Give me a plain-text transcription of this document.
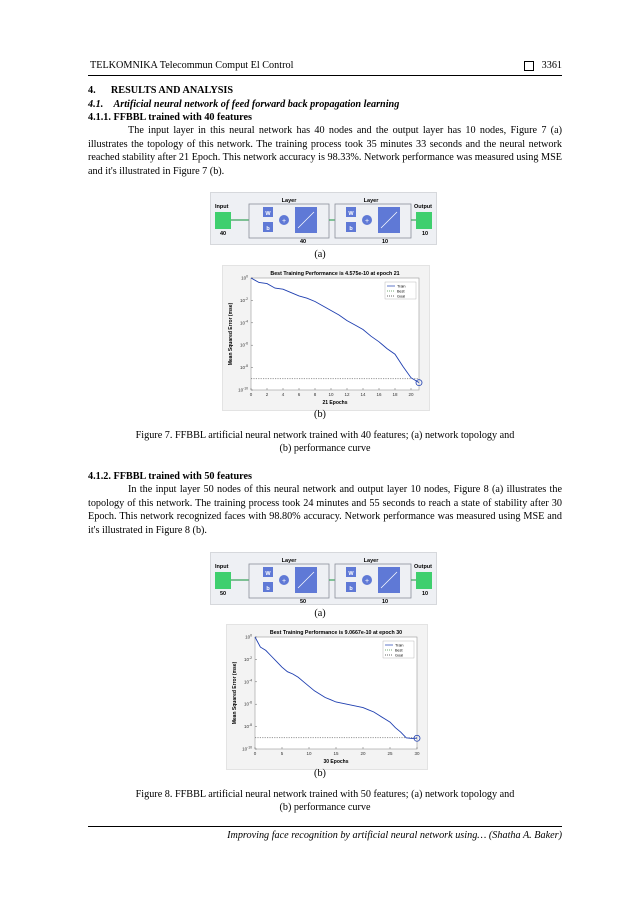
TELKOMNIKA Telecommun Comput El Control	3361
4. RESULTS AND ANALYSIS
4.1. Artificial neural network of feed forward back propagation learning
4.1.1. FFBBL trained with 40 features
The input layer in this neural network has 40 nodes and the output layer has 10 nodes, Figure 7 (a) illustrates the topology of this network. The training process took 35 minutes 33 seconds and the neural network reached stability after 21 Epoch. This network accuracy is 98.33%. Network performance was measured using MSE and it's illustrated in Figure 7 (b).
Input
40
Layer
W
b
+
40
Layer
W
b
+
10
Output
10
(a)
Best Training Performance is 4.575e-10 at epoch 21
0	2	4	6	8	10 12 14 16 18 20
$10^0$
$10^{-2}$
$10^{-4}$
$10^{-6}$
$10^{-8}$
$10^{-10}$
21 Epochs
Mean Squared Error (mse)
Train
Best
Goal
(b)
Figure 7. FFBBL artificial neural network trained with 40 features; (a) network topology and
(b) performance curve
4.1.2. FFBBL trained with 50 features
In the input layer 50 nodes of this neural network and output layer 10 nodes, Figure 8 (a) illustrates the topology of this network. The training process took 24 minutes and 55 seconds to reach a state of stability after 30 Epoch. This network recognized faces with 98.80% accuracy. Network performance was measured using MSE and it's illustrated in Figure 8 (b).
Input
50
Layer
W
b
+
50
Layer
W
b
+
10
Output
10
(a)
Best Training Performance is 9.0667e-10 at epoch 30
0	5	10	15	20	25	30
$10^0$
$10^{-2}$
$10^{-4}$
$10^{-6}$
$10^{-8}$
$10^{-10}$
30 Epochs
Mean Squared Error (mse)
Train
Best
Goal
(b)
Figure 8. FFBBL artificial neural network trained with 50 features; (a) network topology and
(b) performance curve
Improving face recognition by artificial neural network using… (Shatha A. Baker)
